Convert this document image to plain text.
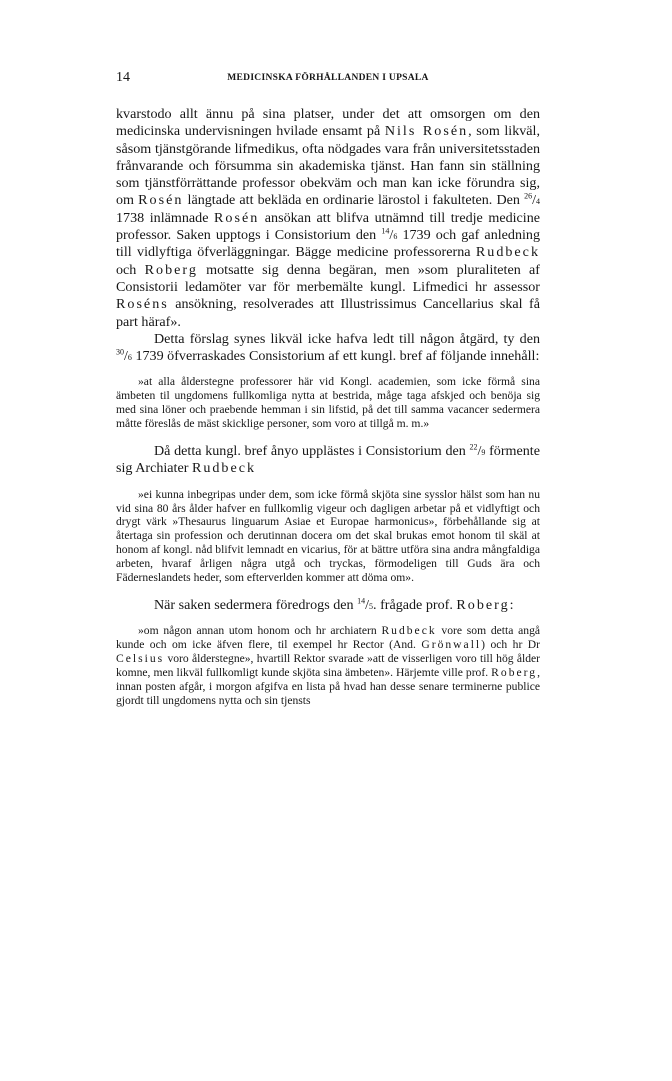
14	MEDICINSKA FÖRHÅLLANDEN I UPSALA

kvarstodo allt ännu på sina platser, under det att omsorgen om den medicinska undervisningen hvilade ensamt på Nils Rosén, som likväl, såsom tjänstgörande lifmedikus, ofta nödgades vara från universitetsstaden frånvarande och försumma sin akademiska tjänst. Han fann sin ställning som tjänstförrättande professor obekväm och man kan icke förundra sig, om Rosén längtade att bekläda en ordinarie lärostol i fakulteten. Den $^{26}$/4 1738 inlämnade Rosén ansökan att blifva utnämnd till tredje medicine professor. Saken upptogs i Consistorium den $^{14}$/6 1739 och gaf anledning till vidlyftiga öfverläggningar. Bägge medicine professorerna Rudbeck och Roberg motsatte sig denna begäran, men »som pluraliteten af Consistorii ledamöter var för merbemälte kungl. Lifmedici hr assessor Roséns ansökning, resolverades att Illustrissimus Cancellarius skal få part häraf».

Detta förslag synes likväl icke hafva ledt till någon åtgärd, ty den $^{30}$/6 1739 öfverraskades Consistorium af ett kungl. bref af följande innehåll:

»at alla ålderstegne professorer här vid Kongl. academien, som icke förmå sina ämbeten til ungdomens fullkomliga nytta at bestrida, måge taga afskjed och benöja sig med sina löner och praebende hemman i sin lifstid, på det till samma vacancer sedermera måtte föreslås de mäst skicklige personer, som voro at tillgå m. m.»

Då detta kungl. bref ånyo upplästes i Consistorium den $^{22}$/9 förmente sig Archiater Rudbeck

»ei kunna inbegripas under dem, som icke förmå skjöta sine sysslor hälst som han nu vid sina 80 års ålder hafver en fullkomlig vigeur och dagligen arbetar på et vidlyftigt och drygt värk »Thesaurus linguarum Asiae et Europae harmonicus», förbehållande sig at återtaga sin profession och derutinnan docera om det skal brukas emot honom til skäl at honom af kongl. nåd blifvit lemnadt en vicarius, för at bättre utföra sina andra mångfaldiga arbeten, hvaraf årligen några utgå och tryckas, förmodeligen till Guds ära och Fäderneslandets heder, som efterverlden kommer att döma om».

När saken sedermera föredrogs den $^{14}$/5. frågade prof. Roberg:

»om någon annan utom honom och hr archiatern Rudbeck vore som detta angå kunde och om icke äfven flere, til exempel hr Rector (And. Grönwall) och hr Dr Celsius voro ålderstegne», hvartill Rektor svarade »att de visserligen voro till hög ålder komne, men likväl fullkomligt kunde skjöta sina ämbeten». Härjemte ville prof. Roberg, innan posten afgår, i morgon afgifva en lista på hvad han desse senare terminerne publice gjordt till ungdomens nytta och sin tjensts
